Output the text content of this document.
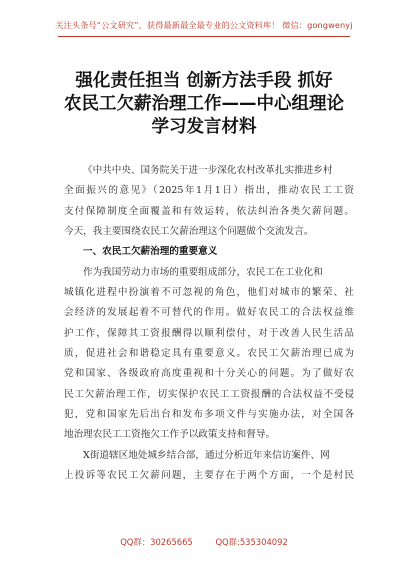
关注头条号“公文研究”，获得最新最全最专业的公文资料库！ 微信：gongwenyj
强化责任担当 创新方法手段 抓好
农民工欠薪治理工作——中心组理论
学习发言材料
《中共中央、国务院关于进一步深化农村改革扎实推进乡村
全面振兴的意见》（2025年1月1日）指出，推动农民工工资
支付保障制度全面覆盖和有效运转，依法纠治各类欠薪问题。
今天，我主要围绕农民工欠薪治理这个问题做个交流发言。
一、农民工欠薪治理的重要意义
作为我国劳动力市场的重要组成部分，农民工在工业化和
城镇化进程中扮演着不可忽视的角色，他们对城市的繁荣、社
会经济的发展起着不可替代的作用。做好农民工的合法权益维
护工作，保障其工资报酬得以顺利偿付，对于改善人民生活品
质，促进社会和谐稳定具有重要意义。农民工欠薪治理已成为
党和国家、各级政府高度重视和十分关心的问题。为了做好农
民工欠薪治理工作，切实保护农民工工资报酬的合法权益不受侵
犯，党和国家先后出台和发布多项文件与实施办法，对全国各
地治理农民工工资拖欠工作予以政策支持和督导。
X街道辖区地处城乡结合部，通过分析近年来信访案件、网
上投诉等农民工欠薪问题，主要存在于两个方面，一个是村民
QQ群：30265665	QQ群:535304092
